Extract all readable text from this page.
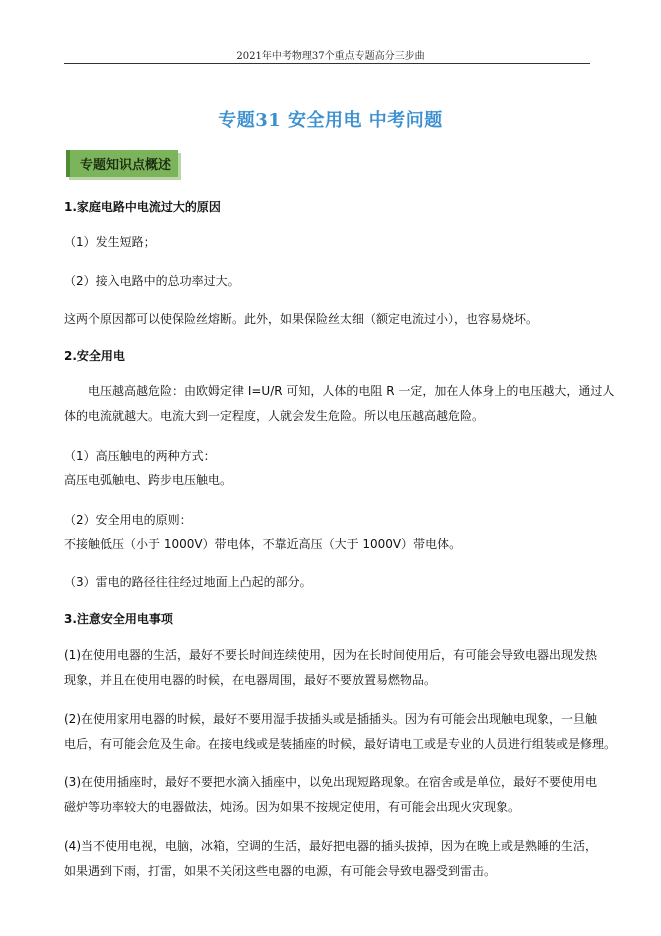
2021年中考物理37个重点专题高分三步曲
专题31 安全用电 中考问题
专题知识点概述
1.家庭电路中电流过大的原因
（1）发生短路；
（2）接入电路中的总功率过大。
这两个原因都可以使保险丝熔断。此外，如果保险丝太细（额定电流过小），也容易烧坏。
2.安全用电
电压越高越危险：由欧姆定律 I=U/R 可知，人体的电阻 R 一定，加在人体身上的电压越大，通过人
体的电流就越大。电流大到一定程度，人就会发生危险。所以电压越高越危险。
（1）高压触电的两种方式：
高压电弧触电、跨步电压触电。
（2）安全用电的原则：
不接触低压（小于 1000V）带电体，不靠近高压（大于 1000V）带电体。
（3）雷电的路径往往经过地面上凸起的部分。
3.注意安全用电事项
(1)在使用电器的生活，最好不要长时间连续使用，因为在长时间使用后，有可能会导致电器出现发热
现象，并且在使用电器的时候，在电器周围，最好不要放置易燃物品。
(2)在使用家用电器的时候，最好不要用湿手拔插头或是插插头。因为有可能会出现触电现象，一旦触
电后，有可能会危及生命。在接电线或是装插座的时候，最好请电工或是专业的人员进行组装或是修理。
(3)在使用插座时，最好不要把水滴入插座中，以免出现短路现象。在宿舍或是单位，最好不要使用电
磁炉等功率较大的电器做法，炖汤。因为如果不按规定使用，有可能会出现火灾现象。
(4)当不使用电视，电脑，冰箱，空调的生活，最好把电器的插头拔掉，因为在晚上或是熟睡的生活，
如果遇到下雨，打雷，如果不关闭这些电器的电源，有可能会导致电器受到雷击。
